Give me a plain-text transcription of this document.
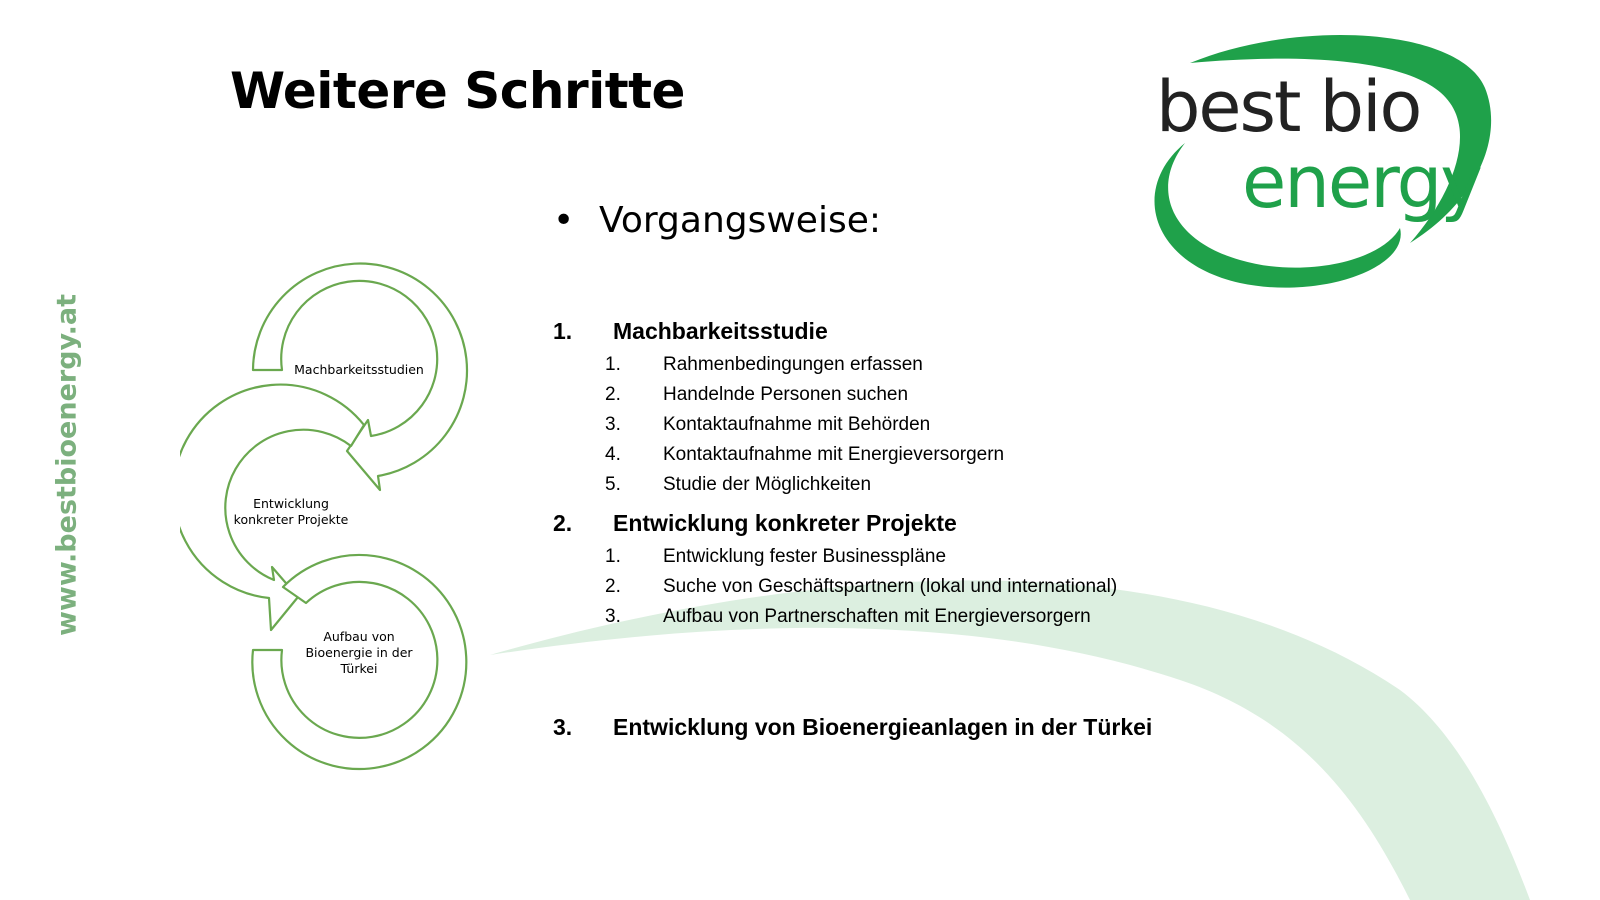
Weitere Schritte
www.bestbioenergy.at
best bio
energy
• Vorgangsweise:
Machbarkeitsstudien
Entwicklung konkreter Projekte
Aufbau von Bioenergie in der Türkei
1. Machbarkeitsstudie
1. Rahmenbedingungen erfassen
2. Handelnde Personen suchen
3. Kontaktaufnahme mit Behörden
4. Kontaktaufnahme mit Energieversorgern
5. Studie der Möglichkeiten
2. Entwicklung konkreter Projekte
1. Entwicklung fester Businesspläne
2. Suche von Geschäftspartnern (lokal und international)
3. Aufbau von Partnerschaften mit Energieversorgern
3. Entwicklung von Bioenergieanlagen in der Türkei
